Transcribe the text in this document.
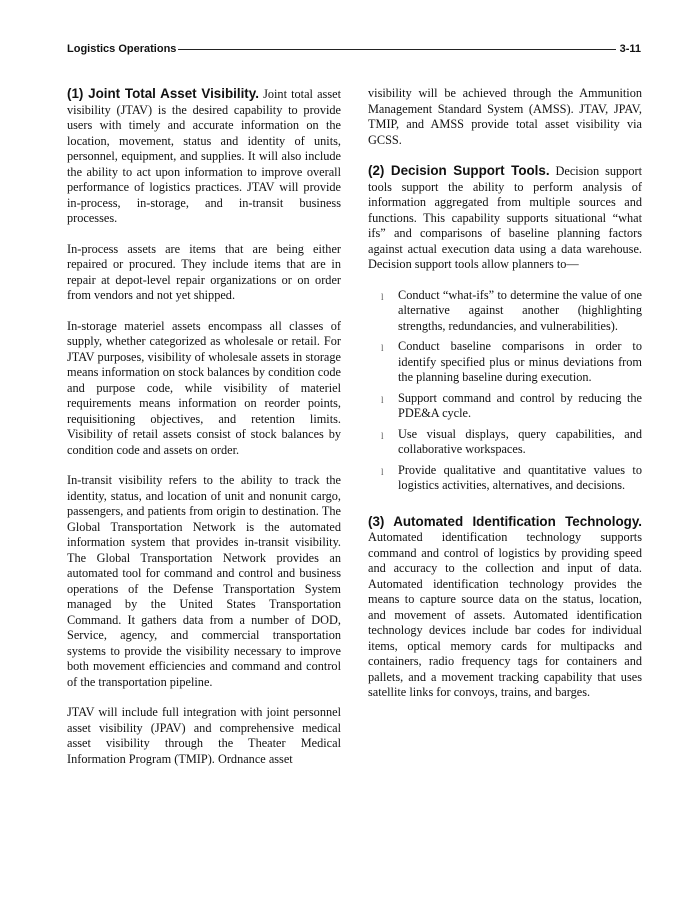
Logistics Operations	3-11

(1) Joint Total Asset Visibility. Joint total asset visibility (JTAV) is the desired capability to provide users with timely and accurate information on the location, movement, status and identity of units, personnel, equipment, and supplies. It will also include the ability to act upon information to improve overall performance of logistics practices. JTAV will provide in-process, in-storage, and in-transit business processes.

In-process assets are items that are being either repaired or procured. They include items that are in repair at depot-level repair organizations or on order from vendors and not yet shipped.

In-storage materiel assets encompass all classes of supply, whether categorized as wholesale or retail. For JTAV purposes, visibility of wholesale assets in storage means information on stock balances by condition code and purpose code, while visibility of materiel requirements means information on reorder points, requisitioning objectives, and retention limits. Visibility of retail assets consist of stock balances by condition code and assets on order.

In-transit visibility refers to the ability to track the identity, status, and location of unit and nonunit cargo, passengers, and patients from origin to destination. The Global Transportation Network is the automated information system that provides in-transit visibility. The Global Transportation Network provides an automated tool for command and control and business operations of the Defense Transportation System managed by the United States Transportation Command. It gathers data from a number of DOD, Service, agency, and commercial transportation systems to provide the visibility necessary to improve both movement efficiencies and command and control of the transportation pipeline.

JTAV will include full integration with joint personnel asset visibility (JPAV) and comprehensive medical asset visibility through the Theater Medical Information Program (TMIP). Ordnance asset

visibility will be achieved through the Ammunition Management Standard System (AMSS). JTAV, JPAV, TMIP, and AMSS provide total asset visibility via GCSS.

(2) Decision Support Tools. Decision support tools support the ability to perform analysis of information aggregated from multiple sources and functions. This capability supports situational “what ifs” and comparisons of baseline planning factors against actual execution data using a data warehouse. Decision support tools allow planners to—

l Conduct “what-ifs” to determine the value of one alternative against another (highlighting strengths, redundancies, and vulnerabilities).
l Conduct baseline comparisons in order to identify specified plus or minus deviations from the planning baseline during execution.
l Support command and control by reducing the PDE&A cycle.
l Use visual displays, query capabilities, and collaborative workspaces.
l Provide qualitative and quantitative values to logistics activities, alternatives, and decisions.

(3) Automated Identification Technology. Automated identification technology supports command and control of logistics by providing speed and accuracy to the collection and input of data. Automated identification technology provides the means to capture source data on the status, location, and movement of assets. Automated identification technology devices include bar codes for individual items, optical memory cards for multipacks and containers, radio frequency tags for containers and pallets, and a movement tracking capability that uses satellite links for convoys, trains, and barges.
